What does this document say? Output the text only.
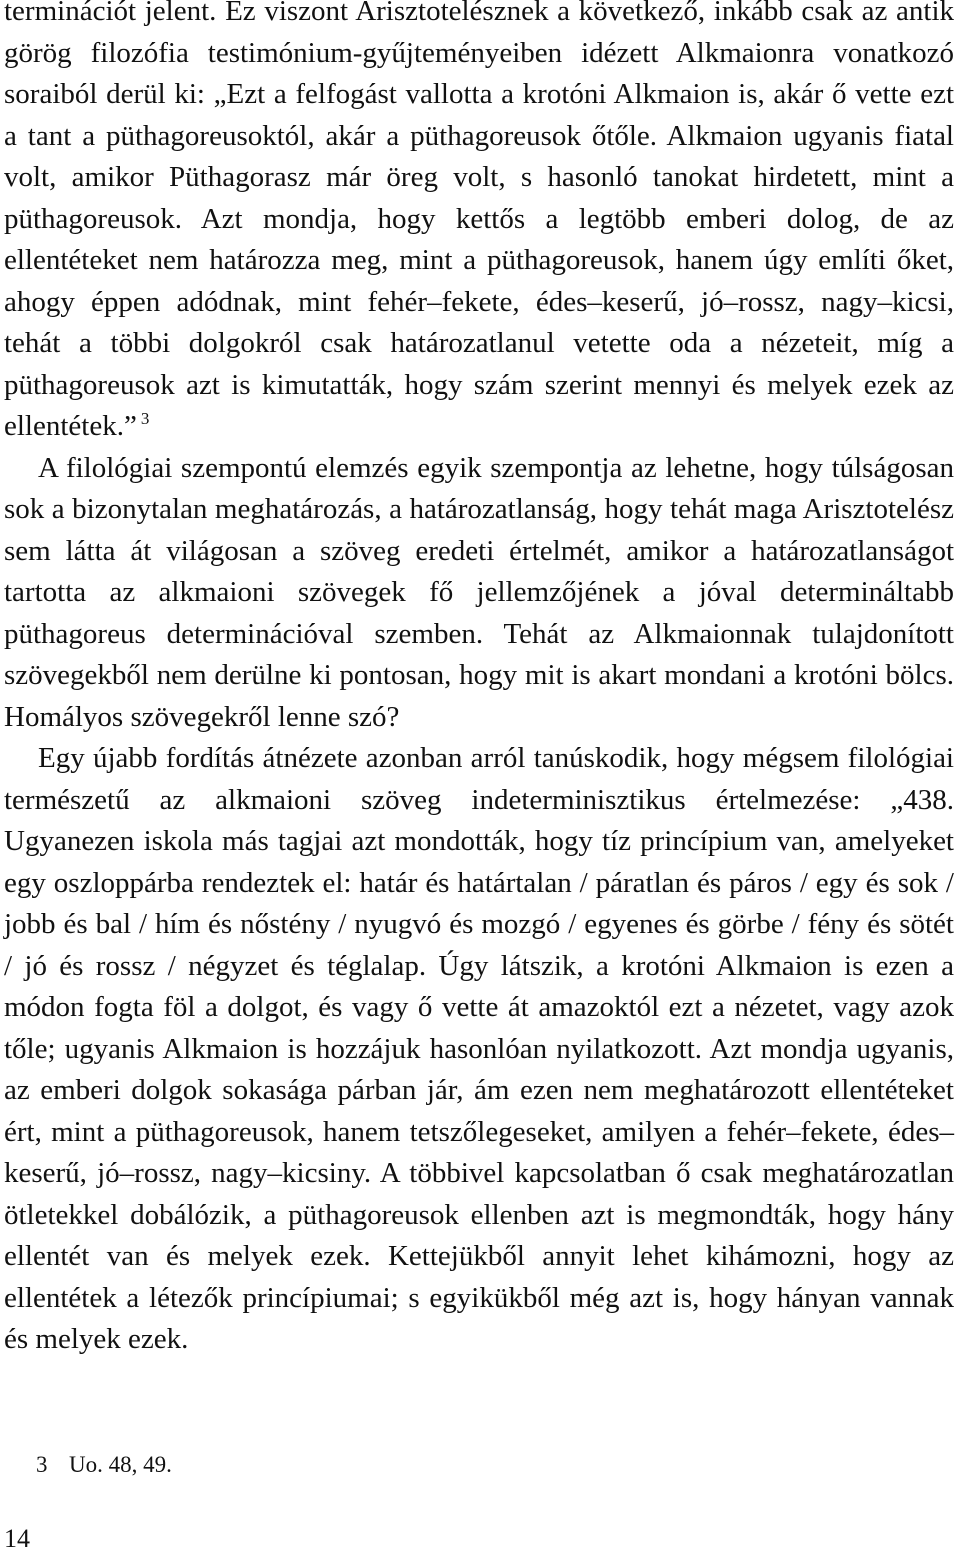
terminációt jelent. Ez viszont Arisztotelésznek a következő, inkább csak az antik görög filozófia testimónium-gyűjteményeiben idézett Alkmaionra vonatkozó soraiból derül ki: „Ezt a felfogást vallotta a krotóni Alkmaion is, akár ő vette ezt a tant a püthagoreusoktól, akár a püthagoreusok őtőle. Alkmaion ugyanis fiatal volt, amikor Püthagorasz már öreg volt, s hasonló tanokat hirdetett, mint a püthagoreusok. Azt mondja, hogy kettős a legtöbb emberi dolog, de az ellentéteket nem határozza meg, mint a püthagoreusok, hanem úgy említi őket, ahogy éppen adódnak, mint fehér–fekete, édes–keserű, jó–rossz, nagy–kicsi, tehát a többi dolgokról csak határozatlanul vetette oda a nézeteit, míg a püthagoreusok azt is kimutatták, hogy szám szerint mennyi és melyek ezek az ellentétek.” $^3$

A filológiai szempontú elemzés egyik szempontja az lehetne, hogy túlságosan sok a bizonytalan meghatározás, a határozatlanság, hogy tehát maga Arisztotelész sem látta át világosan a szöveg eredeti értelmét, amikor a határozatlanságot tartotta az alkmaioni szövegek fő jellemzőjének a jóval determináltabb püthagoreus determinációval szemben. Tehát az Alkmaionnak tulajdonított szövegekből nem derülne ki pontosan, hogy mit is akart mondani a krotóni bölcs. Homályos szövegekről lenne szó?

Egy újabb fordítás átnézete azonban arról tanúskodik, hogy mégsem filológiai természetű az alkmaioni szöveg indeterminisztikus értelmezése: „438. Ugyanezen iskola más tagjai azt mondották, hogy tíz princípium van, amelyeket egy oszloppárba rendeztek el: határ és határtalan / páratlan és páros / egy és sok / jobb és bal / hím és nőstény / nyugvó és mozgó / egyenes és görbe / fény és sötét / jó és rossz / négyzet és téglalap. Úgy látszik, a krotóni Alkmaion is ezen a módon fogta föl a dolgot, és vagy ő vette át amazoktól ezt a nézetet, vagy azok tőle; ugyanis Alkmaion is hozzájuk hasonlóan nyilatkozott. Azt mondja ugyanis, az emberi dolgok sokasága párban jár, ám ezen nem meghatározott ellentéteket ért, mint a püthagoreusok, hanem tetszőlegeseket, amilyen a fehér–fekete, édes–keserű, jó–rossz, nagy–kicsiny. A többivel kapcsolatban ő csak meghatározatlan ötletekkel dobálózik, a püthagoreusok ellenben azt is megmondták, hogy hány ellentét van és melyek ezek. Kettejükből annyit lehet kihámozni, hogy az ellentétek a létezők princípiumai; s egyikükből még azt is, hogy hányan vannak és melyek ezek.

3 Uo. 48, 49.
14
